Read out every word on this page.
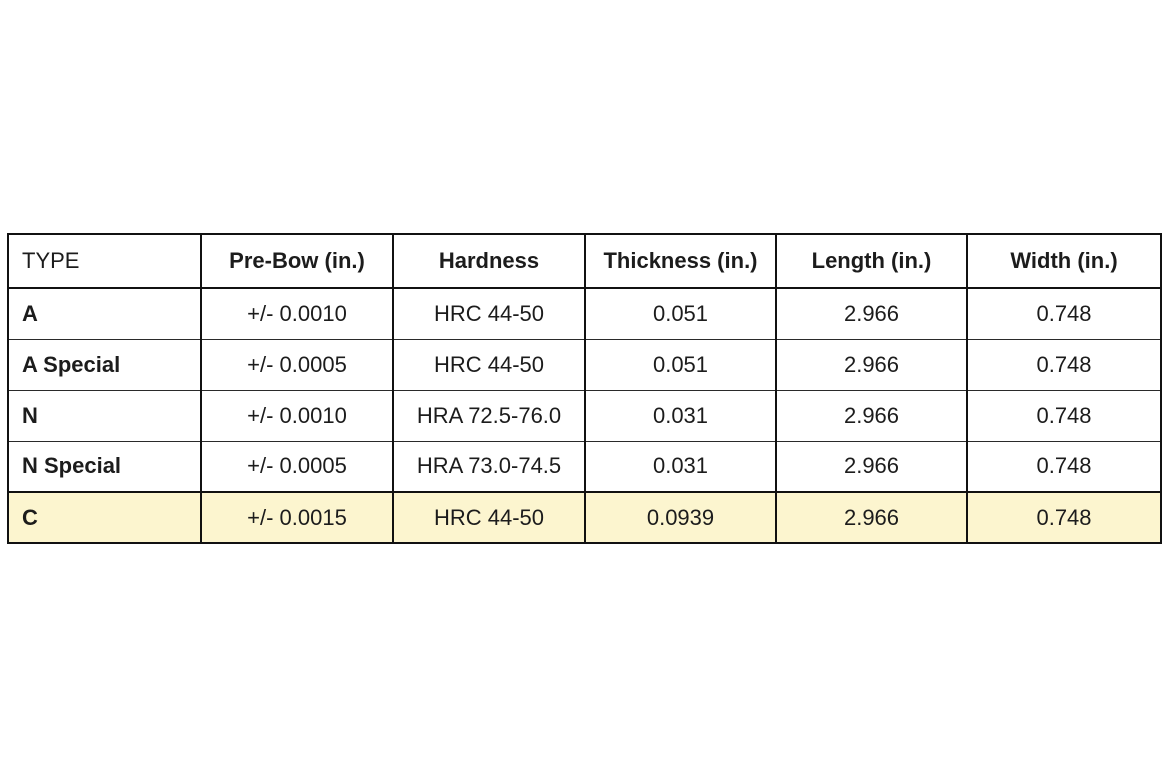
TYPE	Pre-Bow (in.)	Hardness	Thickness (in.)	Length (in.)	Width (in.)
A	+/- 0.0010	HRC 44-50	0.051	2.966	0.748
A Special	+/- 0.0005	HRC 44-50	0.051	2.966	0.748
N	+/- 0.0010	HRA 72.5-76.0	0.031	2.966	0.748
N Special	+/- 0.0005	HRA 73.0-74.5	0.031	2.966	0.748
C	+/- 0.0015	HRC 44-50	0.0939	2.966	0.748
